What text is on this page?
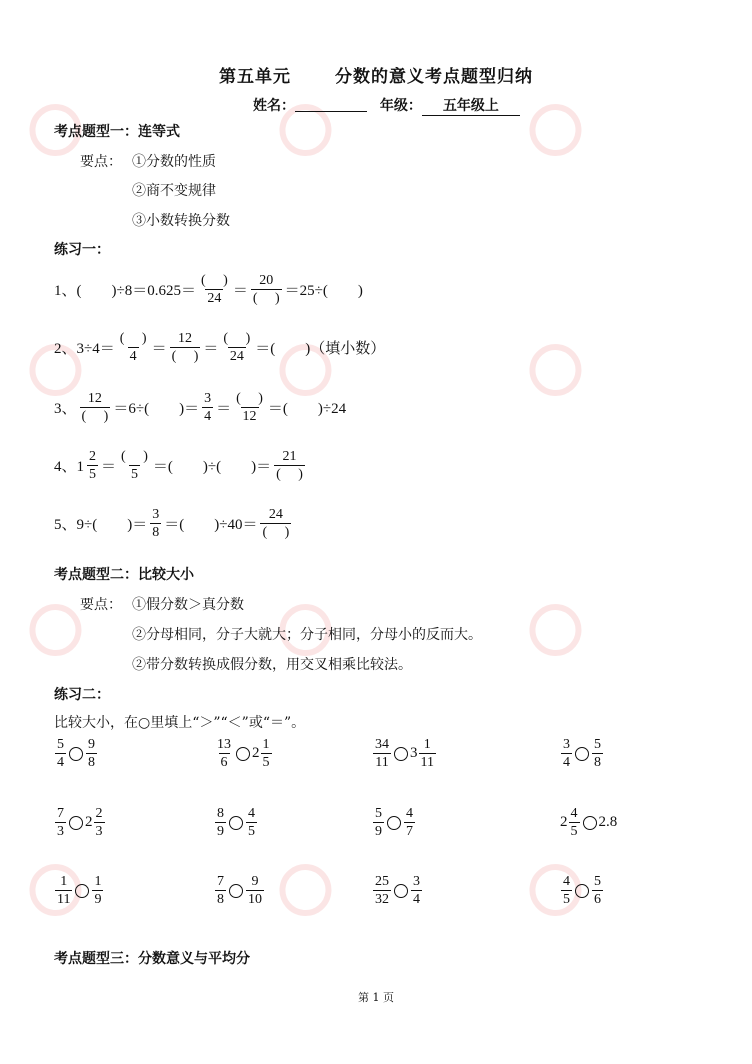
第五单元	分数的意义考点题型归纳
姓名：	年级： 五年级上
考点题型一：连等式
要点： ①分数的性质
②商不变规律
③小数转换分数
练习一：
1、(　　)$\div 8=0.625= \frac{( )}{24} = \frac{20}{( )} =25\div$(　　)
2、$3\div 4= \frac{( )}{4} = \frac{12}{( )} = \frac{( )}{24}$ ＝(　　)（填小数）
3、 $\frac{12}{( )} =6\div$(　　)＝ $\frac{3}{4} = \frac{( )}{12}$ ＝(　　)÷24
4、$1 \frac{2}{5} = \frac{( )}{5}$ ＝(　　)÷(　　)＝ $\frac{21}{( )}$
5、9÷(　　)＝ $\frac{3}{8}$ ＝(　　)$\div 40= \frac{24}{( )}$
考点题型二：比较大小
要点： ①假分数＞真分数
②分母相同，分子大就大；分子相同，分母小的反而大。
②带分数转换成假分数，用交叉相乘比较法。
练习二：
比较大小，在○里填上“＞”“＜”或“＝”。
$\frac{5}{4} \frac{9}{8}$	$\frac{13}{6} 2 \frac{1}{5}$	$\frac{34}{11} 3 \frac{1}{11}$	$\frac{3}{4} \frac{5}{8}$
$\frac{7}{3} 2 \frac{2}{3}$	$\frac{8}{9} \frac{4}{5}$	$\frac{5}{9} \frac{4}{7}$	$2 \frac{4}{5} 2.8$
$\frac{1}{11} \frac{1}{9}$	$\frac{7}{8} \frac{9}{10}$	$\frac{25}{32} \frac{3}{4}$	$\frac{4}{5} \frac{5}{6}$
考点题型三：分数意义与平均分
第 1 页
